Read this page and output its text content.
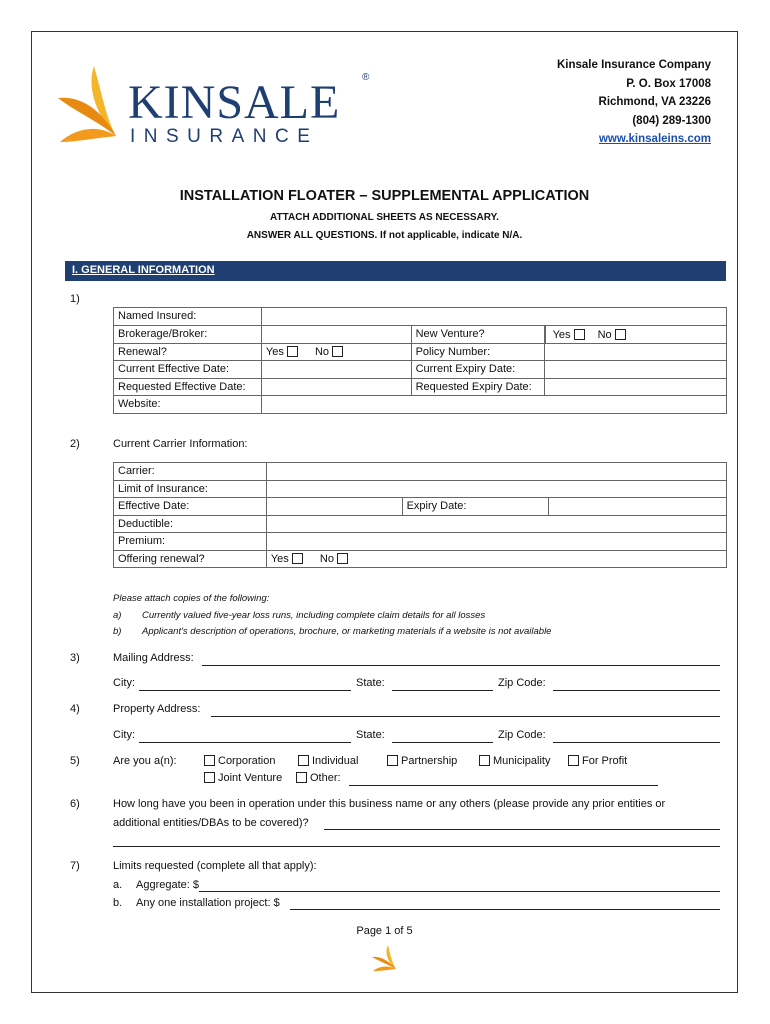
KINSALE ®
INSURANCE
Kinsale Insurance Company
P. O. Box 17008
Richmond, VA 23226
(804) 289-1300
www.kinsaleins.com
INSTALLATION FLOATER – SUPPLEMENTAL APPLICATION
ATTACH ADDITIONAL SHEETS AS NECESSARY.
ANSWER ALL QUESTIONS. If not applicable, indicate N/A.
I. GENERAL INFORMATION
1)
Named Insured:			
Brokerage/Broker:		New Venture?	Yes No
Renewal?	Yes No	Policy Number:	
Current Effective Date:		Current Expiry Date:	
Requested Effective Date:		Requested Expiry Date:	
Website:			
2)	Current Carrier Information:
Carrier:			
Limit of Insurance:			
Effective Date:		Expiry Date:	
Deductible:			
Premium:			
Offering renewal?	Yes No		
Please attach copies of the following:
a) Currently valued five-year loss runs, including complete claim details for all losses
b) Applicant's description of operations, brochure, or marketing materials if a website is not available
3)	Mailing Address:
City:	State:	Zip Code:
4)	Property Address:
City:	State:	Zip Code:
5)	Are you a(n):	Corporation	Individual	Partnership	Municipality	For Profit
Joint Venture	Other:
6)	How long have you been in operation under this business name or any others (please provide any prior entities or
additional entities/DBAs to be covered)?
7)	Limits requested (complete all that apply):
a. Aggregate: $
b. Any one installation project: $
Page 1 of 5
